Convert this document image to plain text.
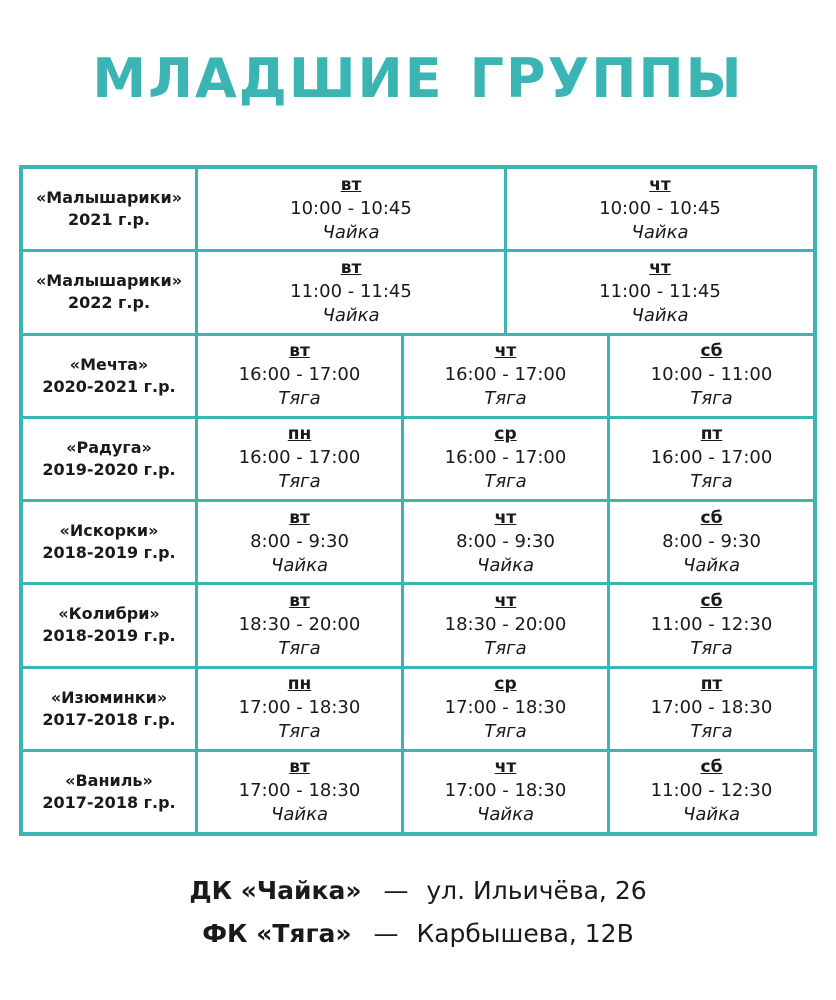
МЛАДШИЕ ГРУППЫ
«Малышарики»
2021 г.р.
вт
10:00 - 10:45
Чайка
чт
10:00 - 10:45
Чайка
«Малышарики»
2022 г.р.
вт
11:00 - 11:45
Чайка
чт
11:00 - 11:45
Чайка
«Мечта»
2020-2021 г.р.
вт
16:00 - 17:00
Тяга
чт
16:00 - 17:00
Тяга
сб
10:00 - 11:00
Тяга
«Радуга»
2019-2020 г.р.
пн
16:00 - 17:00
Тяга
ср
16:00 - 17:00
Тяга
пт
16:00 - 17:00
Тяга
«Искорки»
2018-2019 г.р.
вт
8:00 - 9:30
Чайка
чт
8:00 - 9:30
Чайка
сб
8:00 - 9:30
Чайка
«Колибри»
2018-2019 г.р.
вт
18:30 - 20:00
Тяга
чт
18:30 - 20:00
Тяга
сб
11:00 - 12:30
Тяга
«Изюминки»
2017-2018 г.р.
пн
17:00 - 18:30
Тяга
ср
17:00 - 18:30
Тяга
пт
17:00 - 18:30
Тяга
«Ваниль»
2017-2018 г.р.
вт
17:00 - 18:30
Чайка
чт
17:00 - 18:30
Чайка
сб
11:00 - 12:30
Чайка
ДК «Чайка» — ул. Ильичёва, 26
ФК «Тяга» — Карбышева, 12В
